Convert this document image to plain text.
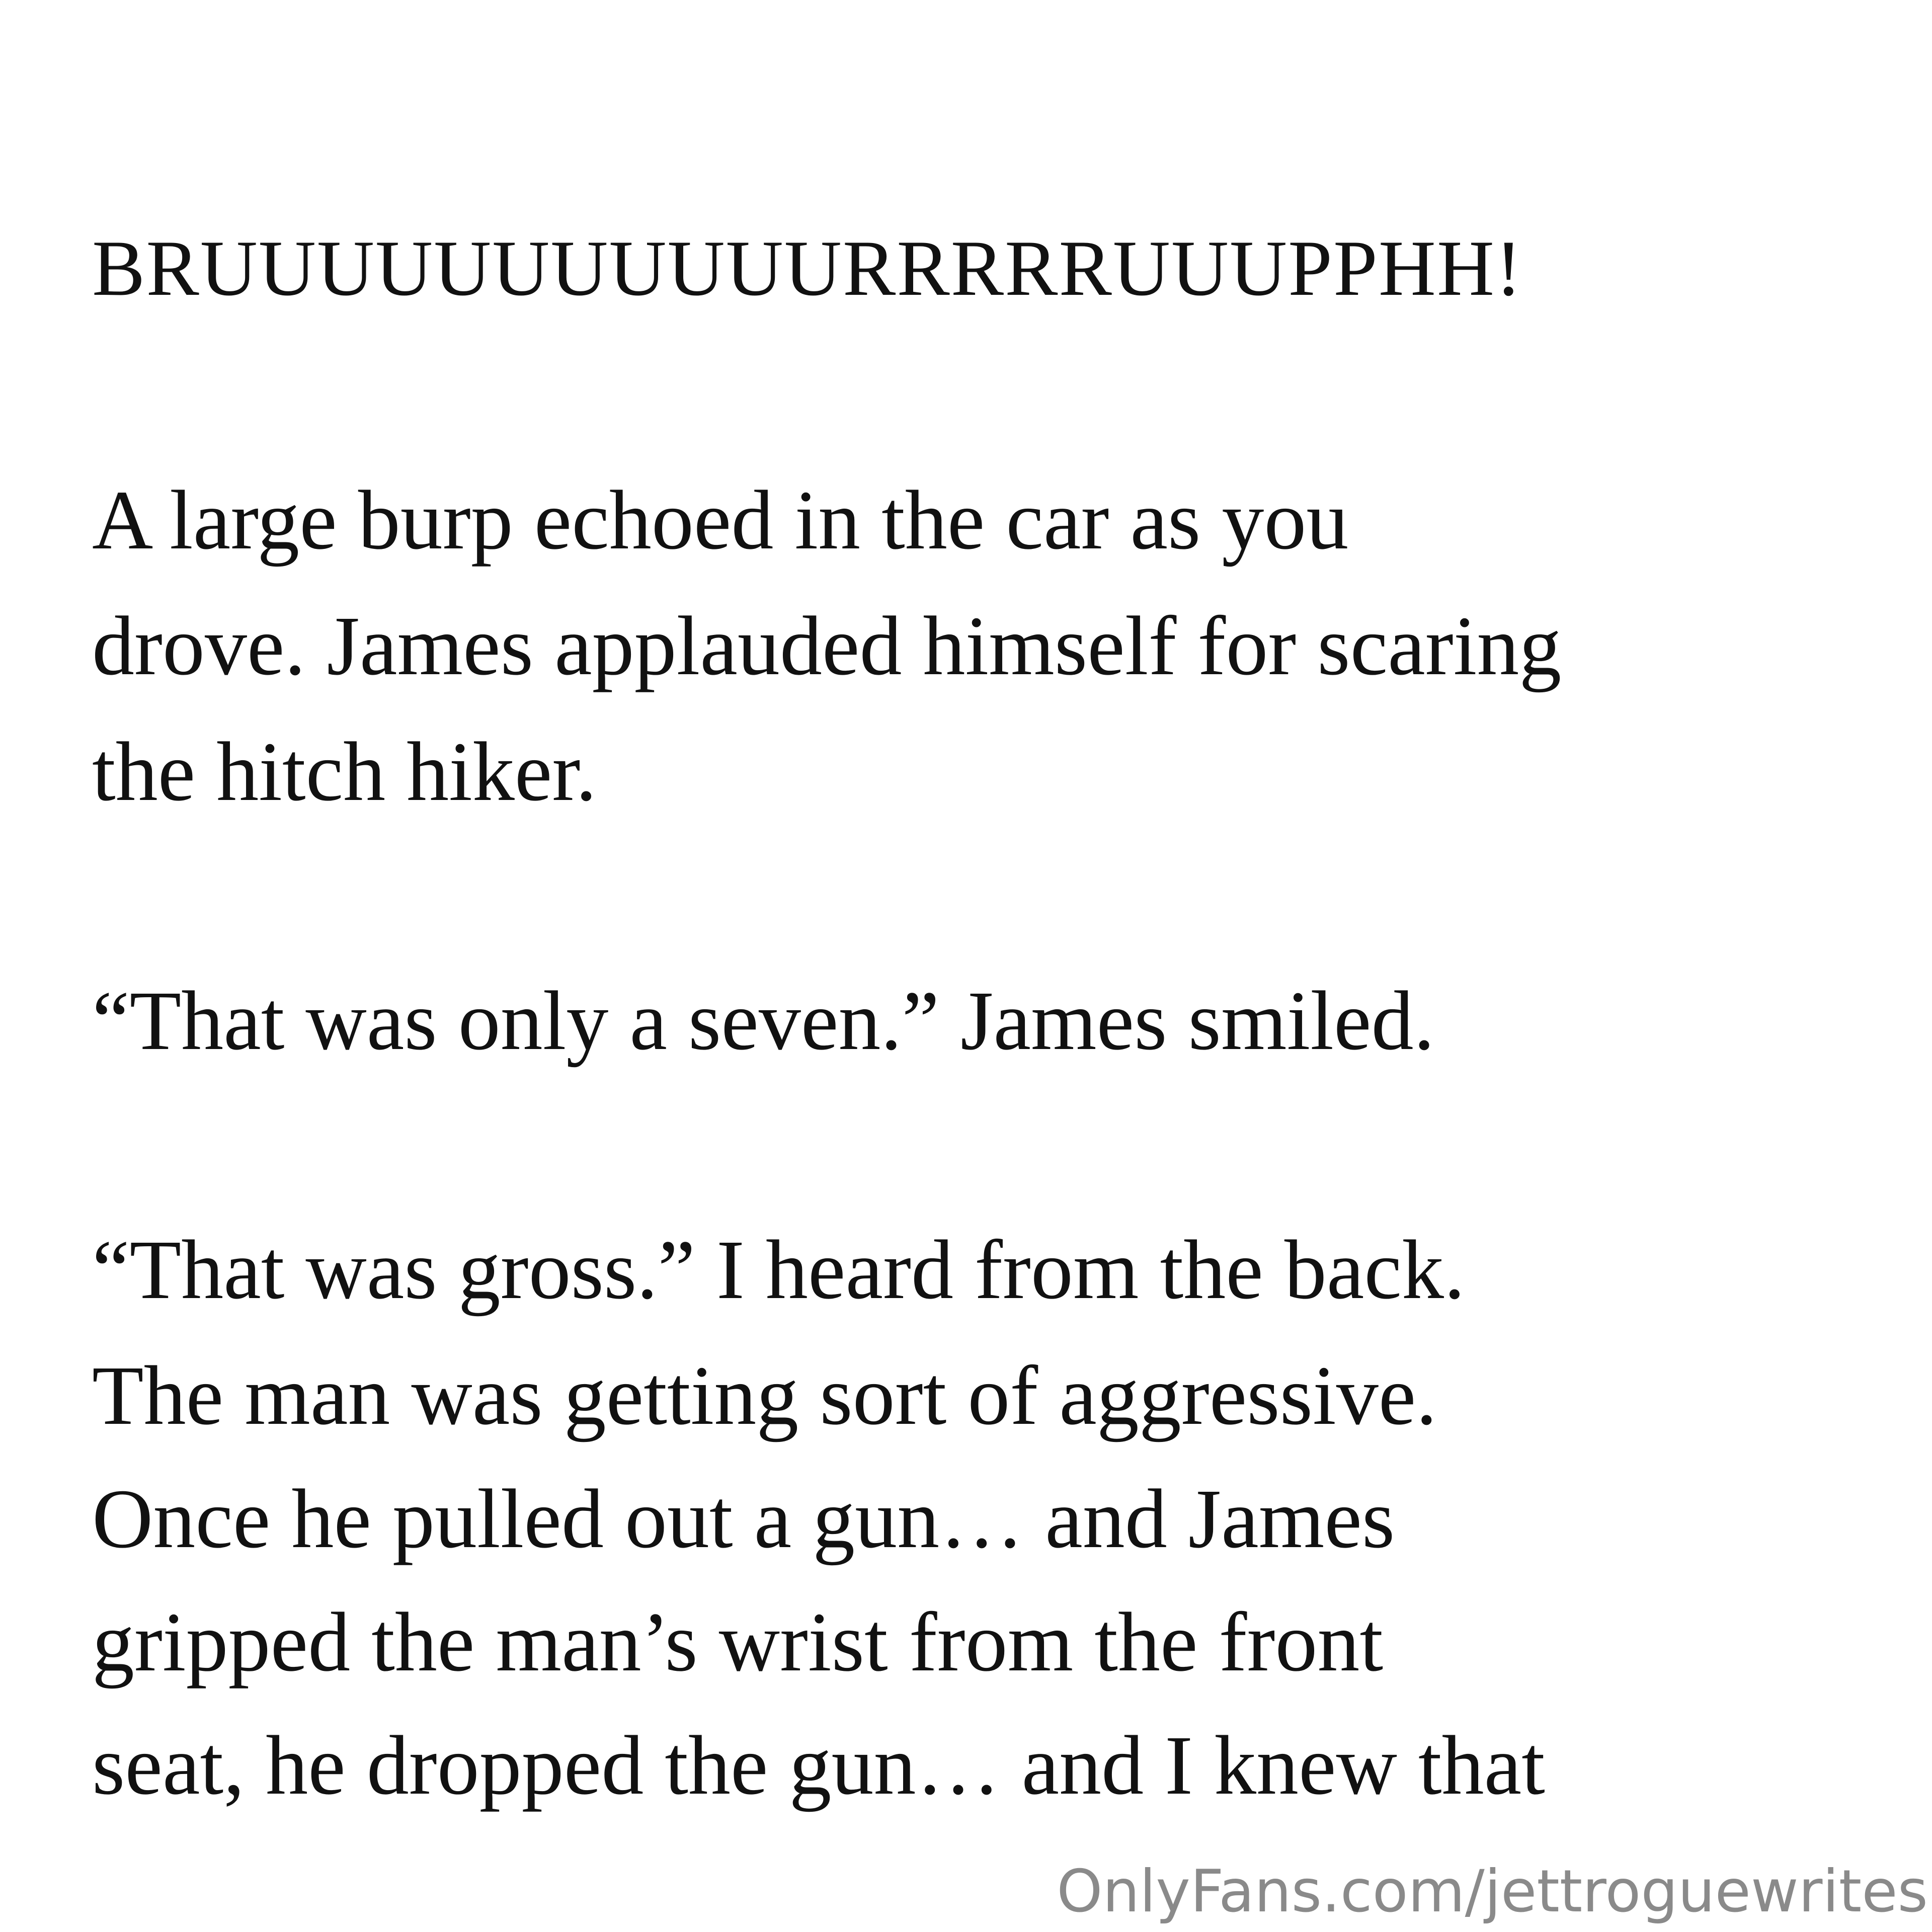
BRUUUUUUUUUUURRRRRUUUPPHH!
A large burp echoed in the car as you
drove. James applauded himself for scaring
the hitch hiker.
“That was only a seven.” James smiled.
“That was gross.” I heard from the back.
The man was getting sort of aggressive.
Once he pulled out a gun… and James
gripped the man’s wrist from the front
seat, he dropped the gun… and I knew that
OnlyFans.com/jettroguewrites
